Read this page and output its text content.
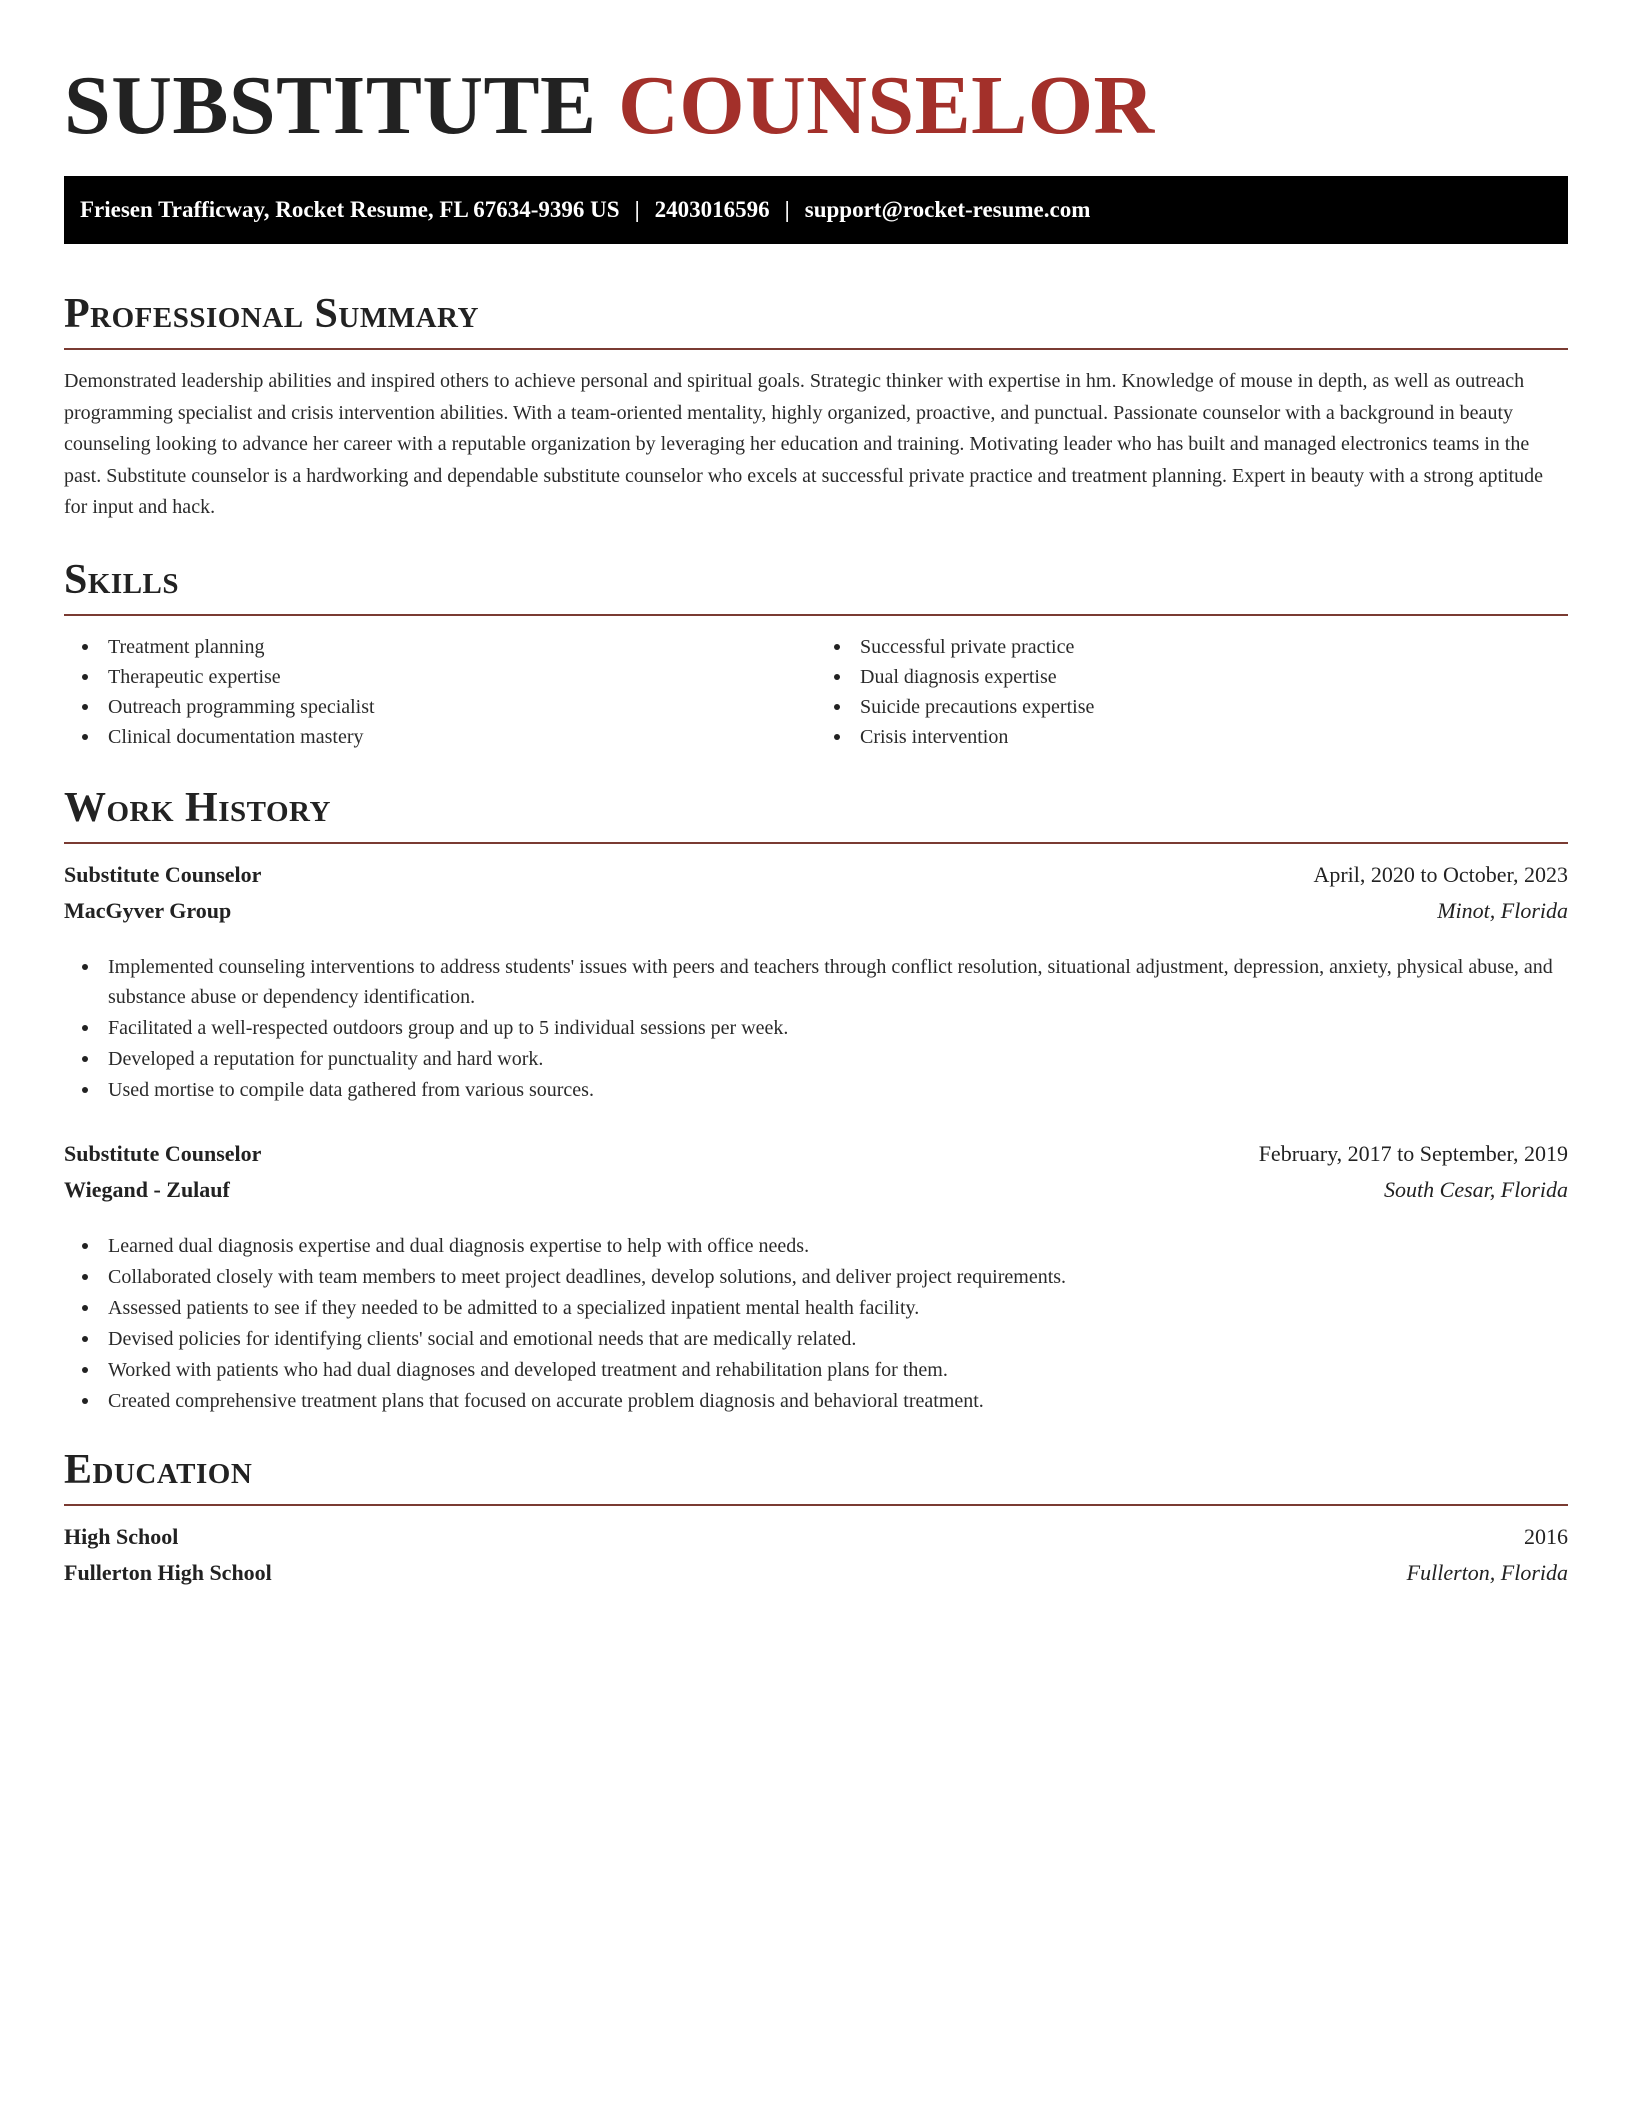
SUBSTITUTE COUNSELOR
Friesen Trafficway, Rocket Resume, FL 67634-9396 US | 2403016596 | support@rocket-resume.com
Professional Summary

Demonstrated leadership abilities and inspired others to achieve personal and spiritual goals. Strategic thinker with expertise in hm. Knowledge of mouse in depth, as well as outreach programming specialist and crisis intervention abilities. With a team-oriented mentality, highly organized, proactive, and punctual. Passionate counselor with a background in beauty counseling looking to advance her career with a reputable organization by leveraging her education and training. Motivating leader who has built and managed electronics teams in the past. Substitute counselor is a hardworking and dependable substitute counselor who excels at successful private practice and treatment planning. Expert in beauty with a strong aptitude for input and hack.

Skills
Treatment planning
Therapeutic expertise
Outreach programming specialist
Clinical documentation mastery
Successful private practice
Dual diagnosis expertise
Suicide precautions expertise
Crisis intervention
Work History
Substitute Counselor	April, 2020 to October, 2023
MacGyver Group	Minot, Florida
Implemented counseling interventions to address students' issues with peers and teachers through conflict resolution, situational adjustment, depression, anxiety, physical abuse, and substance abuse or dependency identification.
Facilitated a well-respected outdoors group and up to 5 individual sessions per week.
Developed a reputation for punctuality and hard work.
Used mortise to compile data gathered from various sources.
Substitute Counselor	February, 2017 to September, 2019
Wiegand - Zulauf	South Cesar, Florida
Learned dual diagnosis expertise and dual diagnosis expertise to help with office needs.
Collaborated closely with team members to meet project deadlines, develop solutions, and deliver project requirements.
Assessed patients to see if they needed to be admitted to a specialized inpatient mental health facility.
Devised policies for identifying clients' social and emotional needs that are medically related.
Worked with patients who had dual diagnoses and developed treatment and rehabilitation plans for them.
Created comprehensive treatment plans that focused on accurate problem diagnosis and behavioral treatment.
Education
High School	2016
Fullerton High School	Fullerton, Florida
